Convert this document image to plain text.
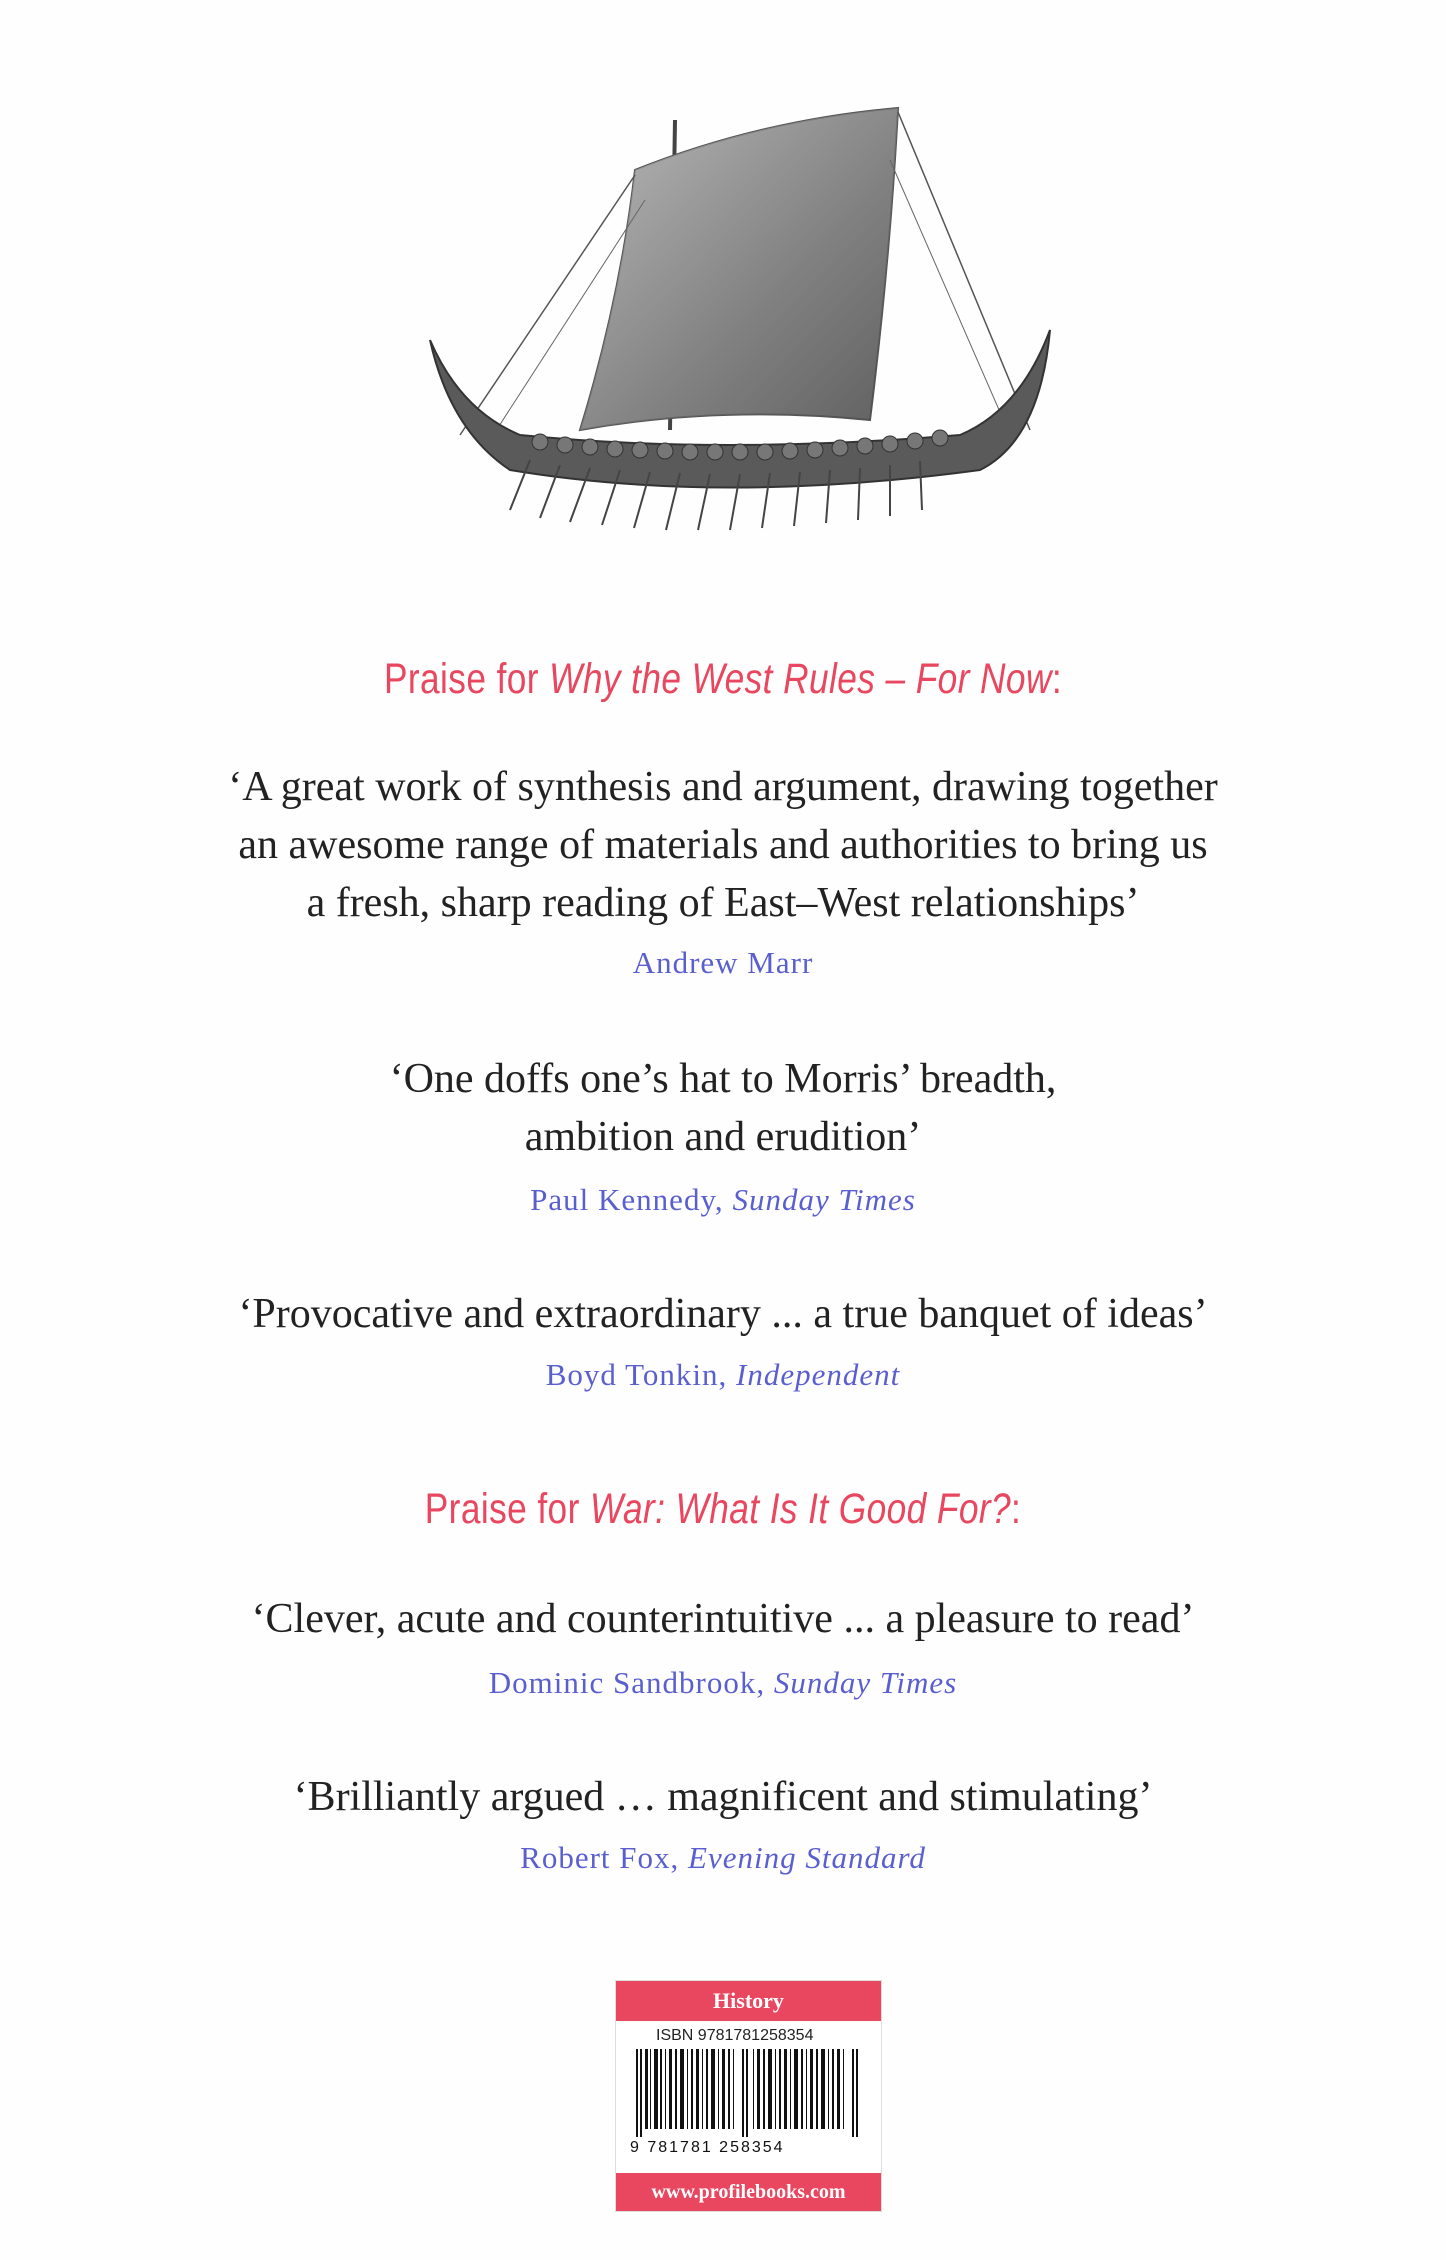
Praise for Why the West Rules – For Now:
‘A great work of synthesis and argument, drawing together
an awesome range of materials and authorities to bring us
a fresh, sharp reading of East–West relationships’
Andrew Marr
‘One doffs one’s hat to Morris’ breadth,
ambition and erudition’
Paul Kennedy, Sunday Times
‘Provocative and extraordinary ... a true banquet of ideas’
Boyd Tonkin, Independent
Praise for War: What Is It Good For?:
‘Clever, acute and counterintuitive ... a pleasure to read’
Dominic Sandbrook, Sunday Times
‘Brilliantly argued … magnificent and stimulating’
Robert Fox, Evening Standard
History
ISBN 9781781258354
9 781781 258354
www.profilebooks.com
